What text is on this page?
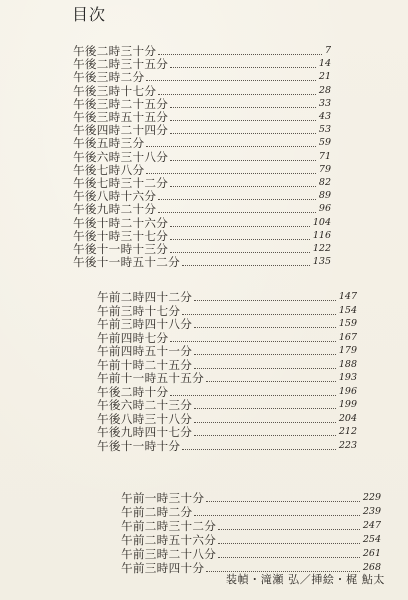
目次
午後二時三十分	7
午後二時三十五分	14
午後三時二分	21
午後三時十七分	28
午後三時二十五分	33
午後三時五十五分	43
午後四時二十四分	53
午後五時三分	59
午後六時三十八分	71
午後七時八分	79
午後七時三十二分	82
午後八時十六分	89
午後九時二十分	96
午後十時二十六分	104
午後十時三十七分	116
午後十一時十三分	122
午後十一時五十二分	135
午前二時四十二分	147
午前三時十七分	154
午前三時四十八分	159
午前四時七分	167
午前四時五十一分	179
午前十時二十五分	188
午前十一時五十五分	193
午後二時十分	196
午後六時二十三分	199
午後八時三十八分	204
午後九時四十七分	212
午後十一時十分	223
午前一時三十分	229
午前二時二分	239
午前二時三十二分	247
午前二時五十六分	254
午前三時二十八分	261
午前三時四十分	268
装幀・滝瀬 弘／挿絵・梶 鮎太
